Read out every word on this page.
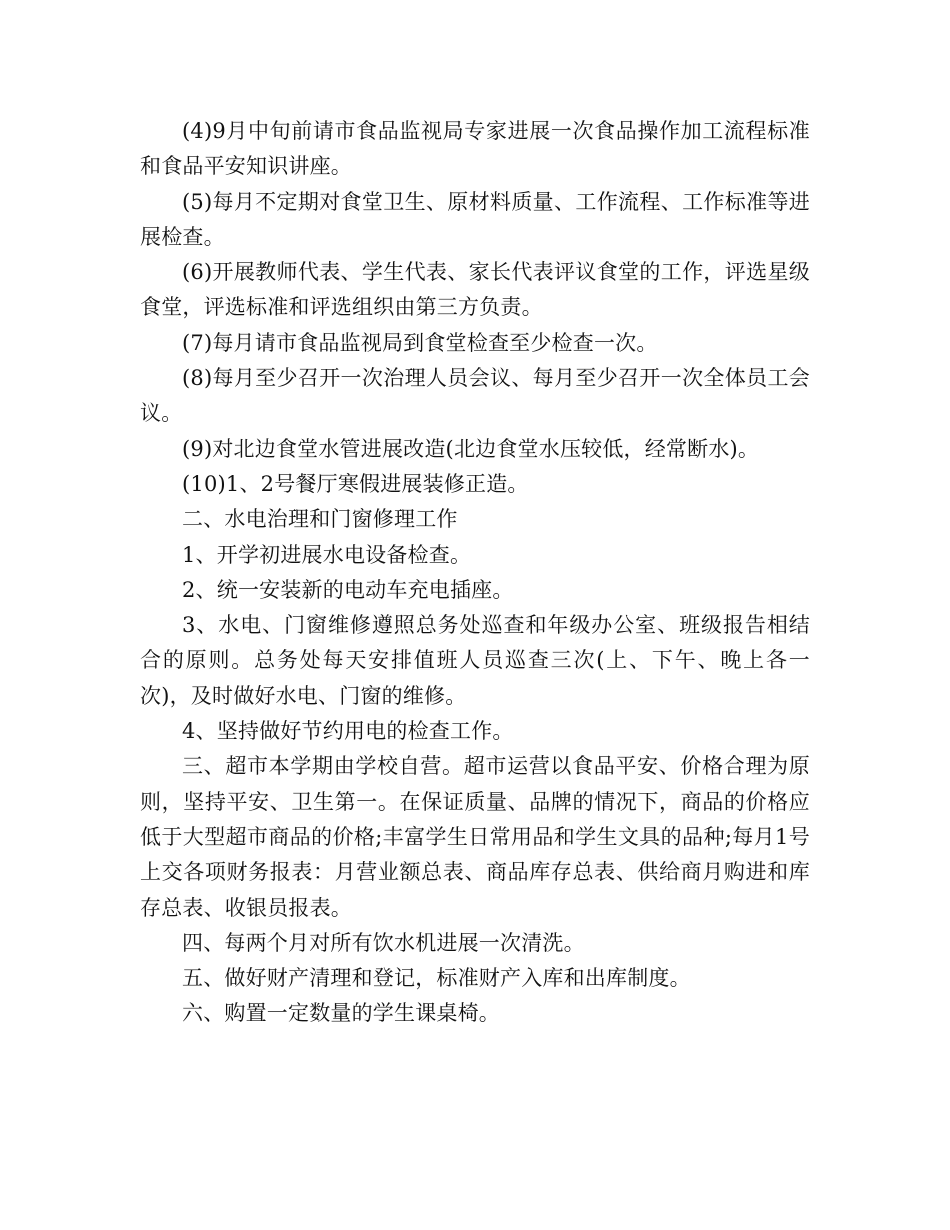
(4)9月中旬前请市食品监视局专家进展一次食品操作加工流程标准和食品平安知识讲座。

(5)每月不定期对食堂卫生、原材料质量、工作流程、工作标准等进展检查。

(6)开展教师代表、学生代表、家长代表评议食堂的工作，评选星级食堂，评选标准和评选组织由第三方负责。

(7)每月请市食品监视局到食堂检查至少检查一次。

(8)每月至少召开一次治理人员会议、每月至少召开一次全体员工会议。

(9)对北边食堂水管进展改造(北边食堂水压较低，经常断水)。

(10)1、2号餐厅寒假进展装修正造。

二、水电治理和门窗修理工作

1、开学初进展水电设备检查。

2、统一安装新的电动车充电插座。

3、水电、门窗维修遵照总务处巡查和年级办公室、班级报告相结合的原则。总务处每天安排值班人员巡查三次(上、下午、晚上各一次)，及时做好水电、门窗的维修。

4、坚持做好节约用电的检查工作。

三、超市本学期由学校自营。超市运营以食品平安、价格合理为原则，坚持平安、卫生第一。在保证质量、品牌的情况下，商品的价格应低于大型超市商品的价格;丰富学生日常用品和学生文具的品种;每月1号上交各项财务报表：月营业额总表、商品库存总表、供给商月购进和库存总表、收银员报表。

四、每两个月对所有饮水机进展一次清洗。

五、做好财产清理和登记，标准财产入库和出库制度。

六、购置一定数量的学生课桌椅。
